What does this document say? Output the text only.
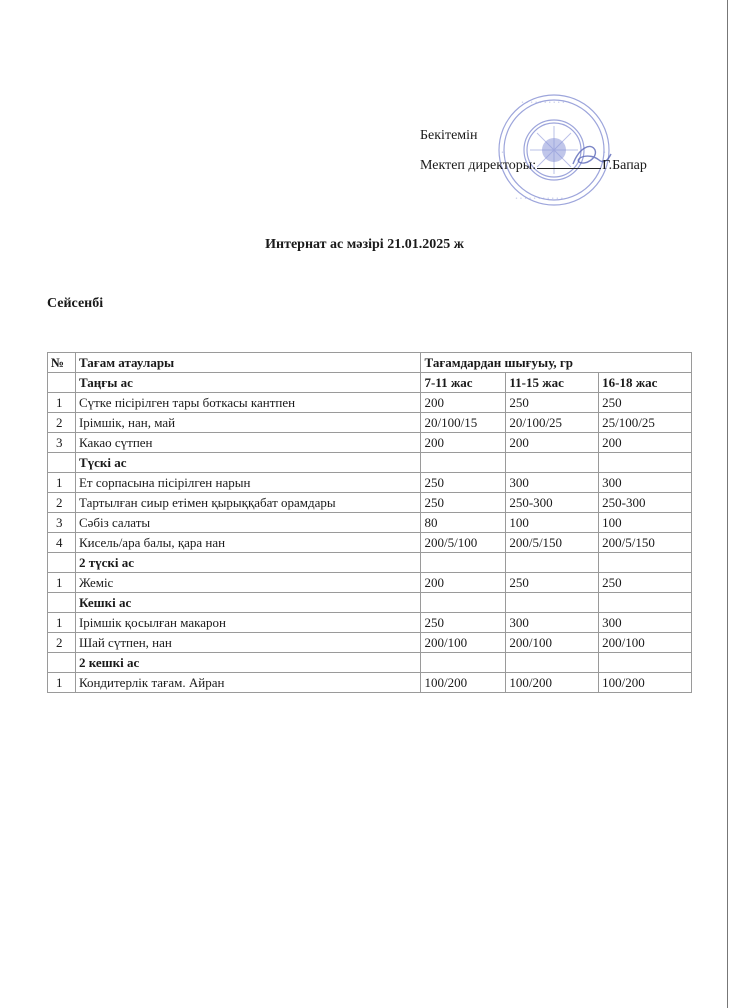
• • • • • • • • • •
• • • • • • • • • • •
•	•
Бекітемін
Мектеп директоры:	Г.Бапар
Интернат ас мәзірі 21.01.2025 ж
Сейсенбі
№	Тағам атаулары	Тағамдардан шығуыу, гр		
	Таңғы ас	7-11 жас	11-15 жас	16-18 жас
1	Сүтке пісірілген тары боткасы кантпен	200	250	250
2	Ірімшік, нан, май	20/100/15	20/100/25	25/100/25
3	Какао сүтпен	200	200	200
	Түскі ас			
1	Ет сорпасына пісірілген нарын	250	300	300
2	Тартылған сиыр етімен қырыққабат орамдары	250	250-300	250-300
3	Сәбіз салаты	80	100	100
4	Кисель/ара балы, қара нан	200/5/100	200/5/150	200/5/150
	2 түскі ас			
1	Жеміс	200	250	250
	Кешкі ас			
1	Ірімшік қосылған макарон	250	300	300
2	Шай сүтпен, нан	200/100	200/100	200/100
	2 кешкі ас			
1	Кондитерлік тағам. Айран	100/200	100/200	100/200
